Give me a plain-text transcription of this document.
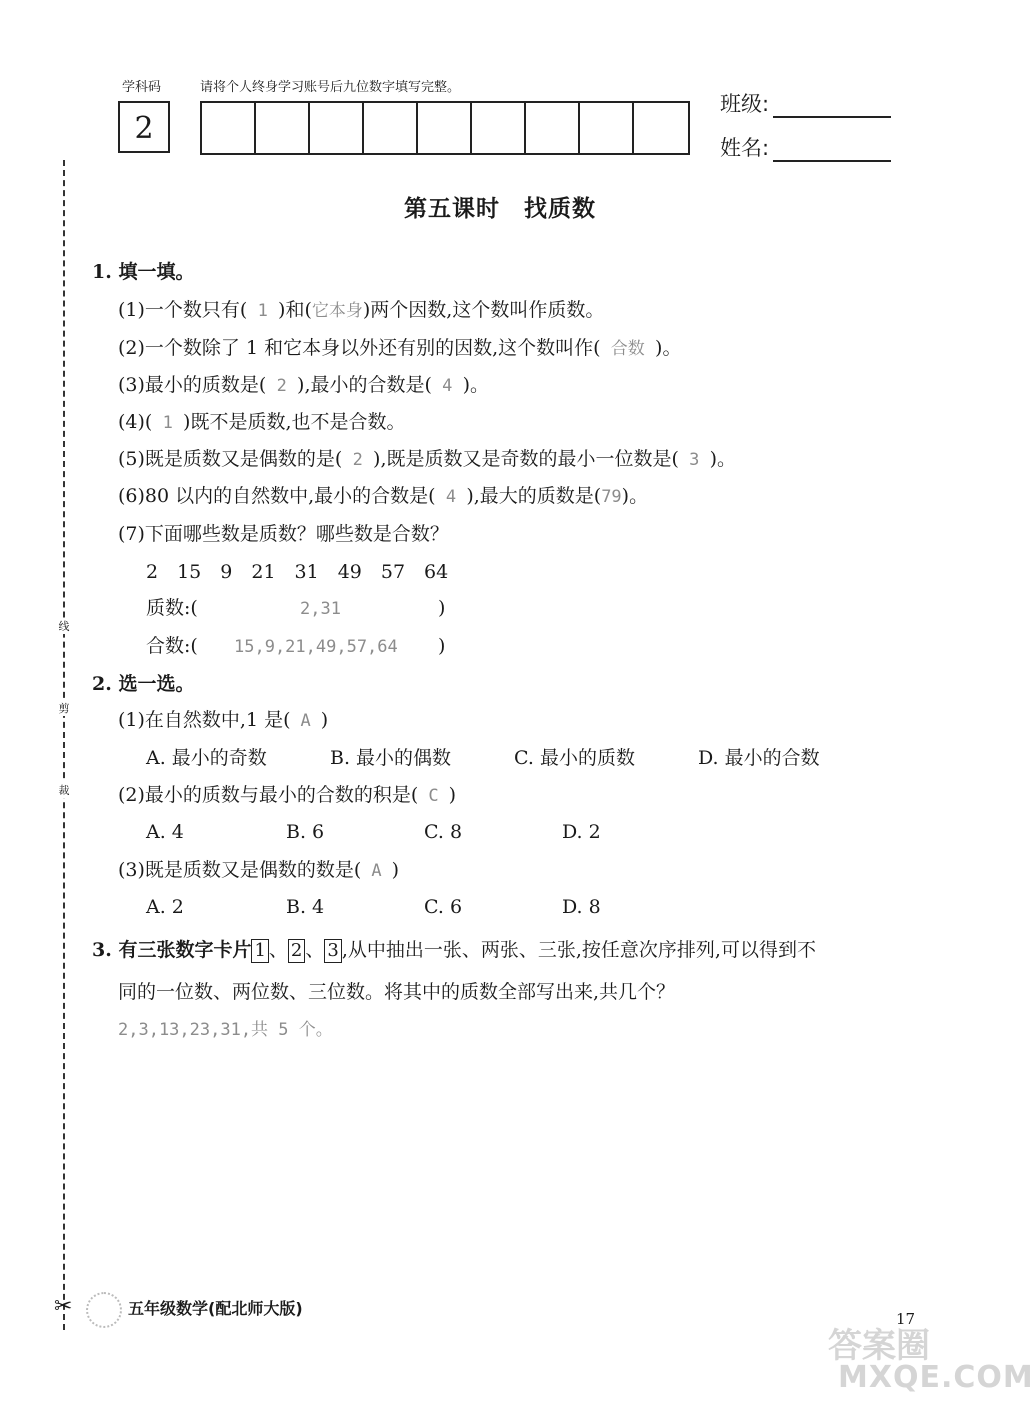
学科码	请将个人终身学习账号后九位数字填写完整。
2
班级:
姓名:
线
剪
裁
第五课时　找质数
1. 填一填。
(1)一个数只有( 1 )和(它本身)两个因数,这个数叫作质数。
(2)一个数除了 1 和它本身以外还有别的因数,这个数叫作( 合数 )。
(3)最小的质数是( 2 ),最小的合数是( 4 )。
(4)( 1 )既不是质数,也不是合数。
(5)既是质数又是偶数的是( 2 ),既是质数又是奇数的最小一位数是( 3 )。
(6)80 以内的自然数中,最小的合数是( 4 ),最大的质数是(79)。
(7)下面哪些数是质数？哪些数是合数？
2　15　9　21　31　49　57　64
质数:(	2,31	)
合数:( 15,9,21,49,57,64 )
2. 选一选。
(1)在自然数中,1 是( A )
A. 最小的奇数	B. 最小的偶数	C. 最小的质数	D. 最小的合数
(2)最小的质数与最小的合数的积是( C )
A. 4	B. 6	C. 8	D. 2
(3)既是质数又是偶数的数是( A )
A. 2	B. 4	C. 6	D. 8
3. 有三张数字卡片 1 、 2 、 3 ,从中抽出一张、两张、三张,按任意次序排列,可以得到不
同的一位数、两位数、三位数。将其中的质数全部写出来,共几个？
2,3,13,23,31,共 5 个。
✂	五年级数学(配北师大版)
17
答案圈
MXQE.COM
